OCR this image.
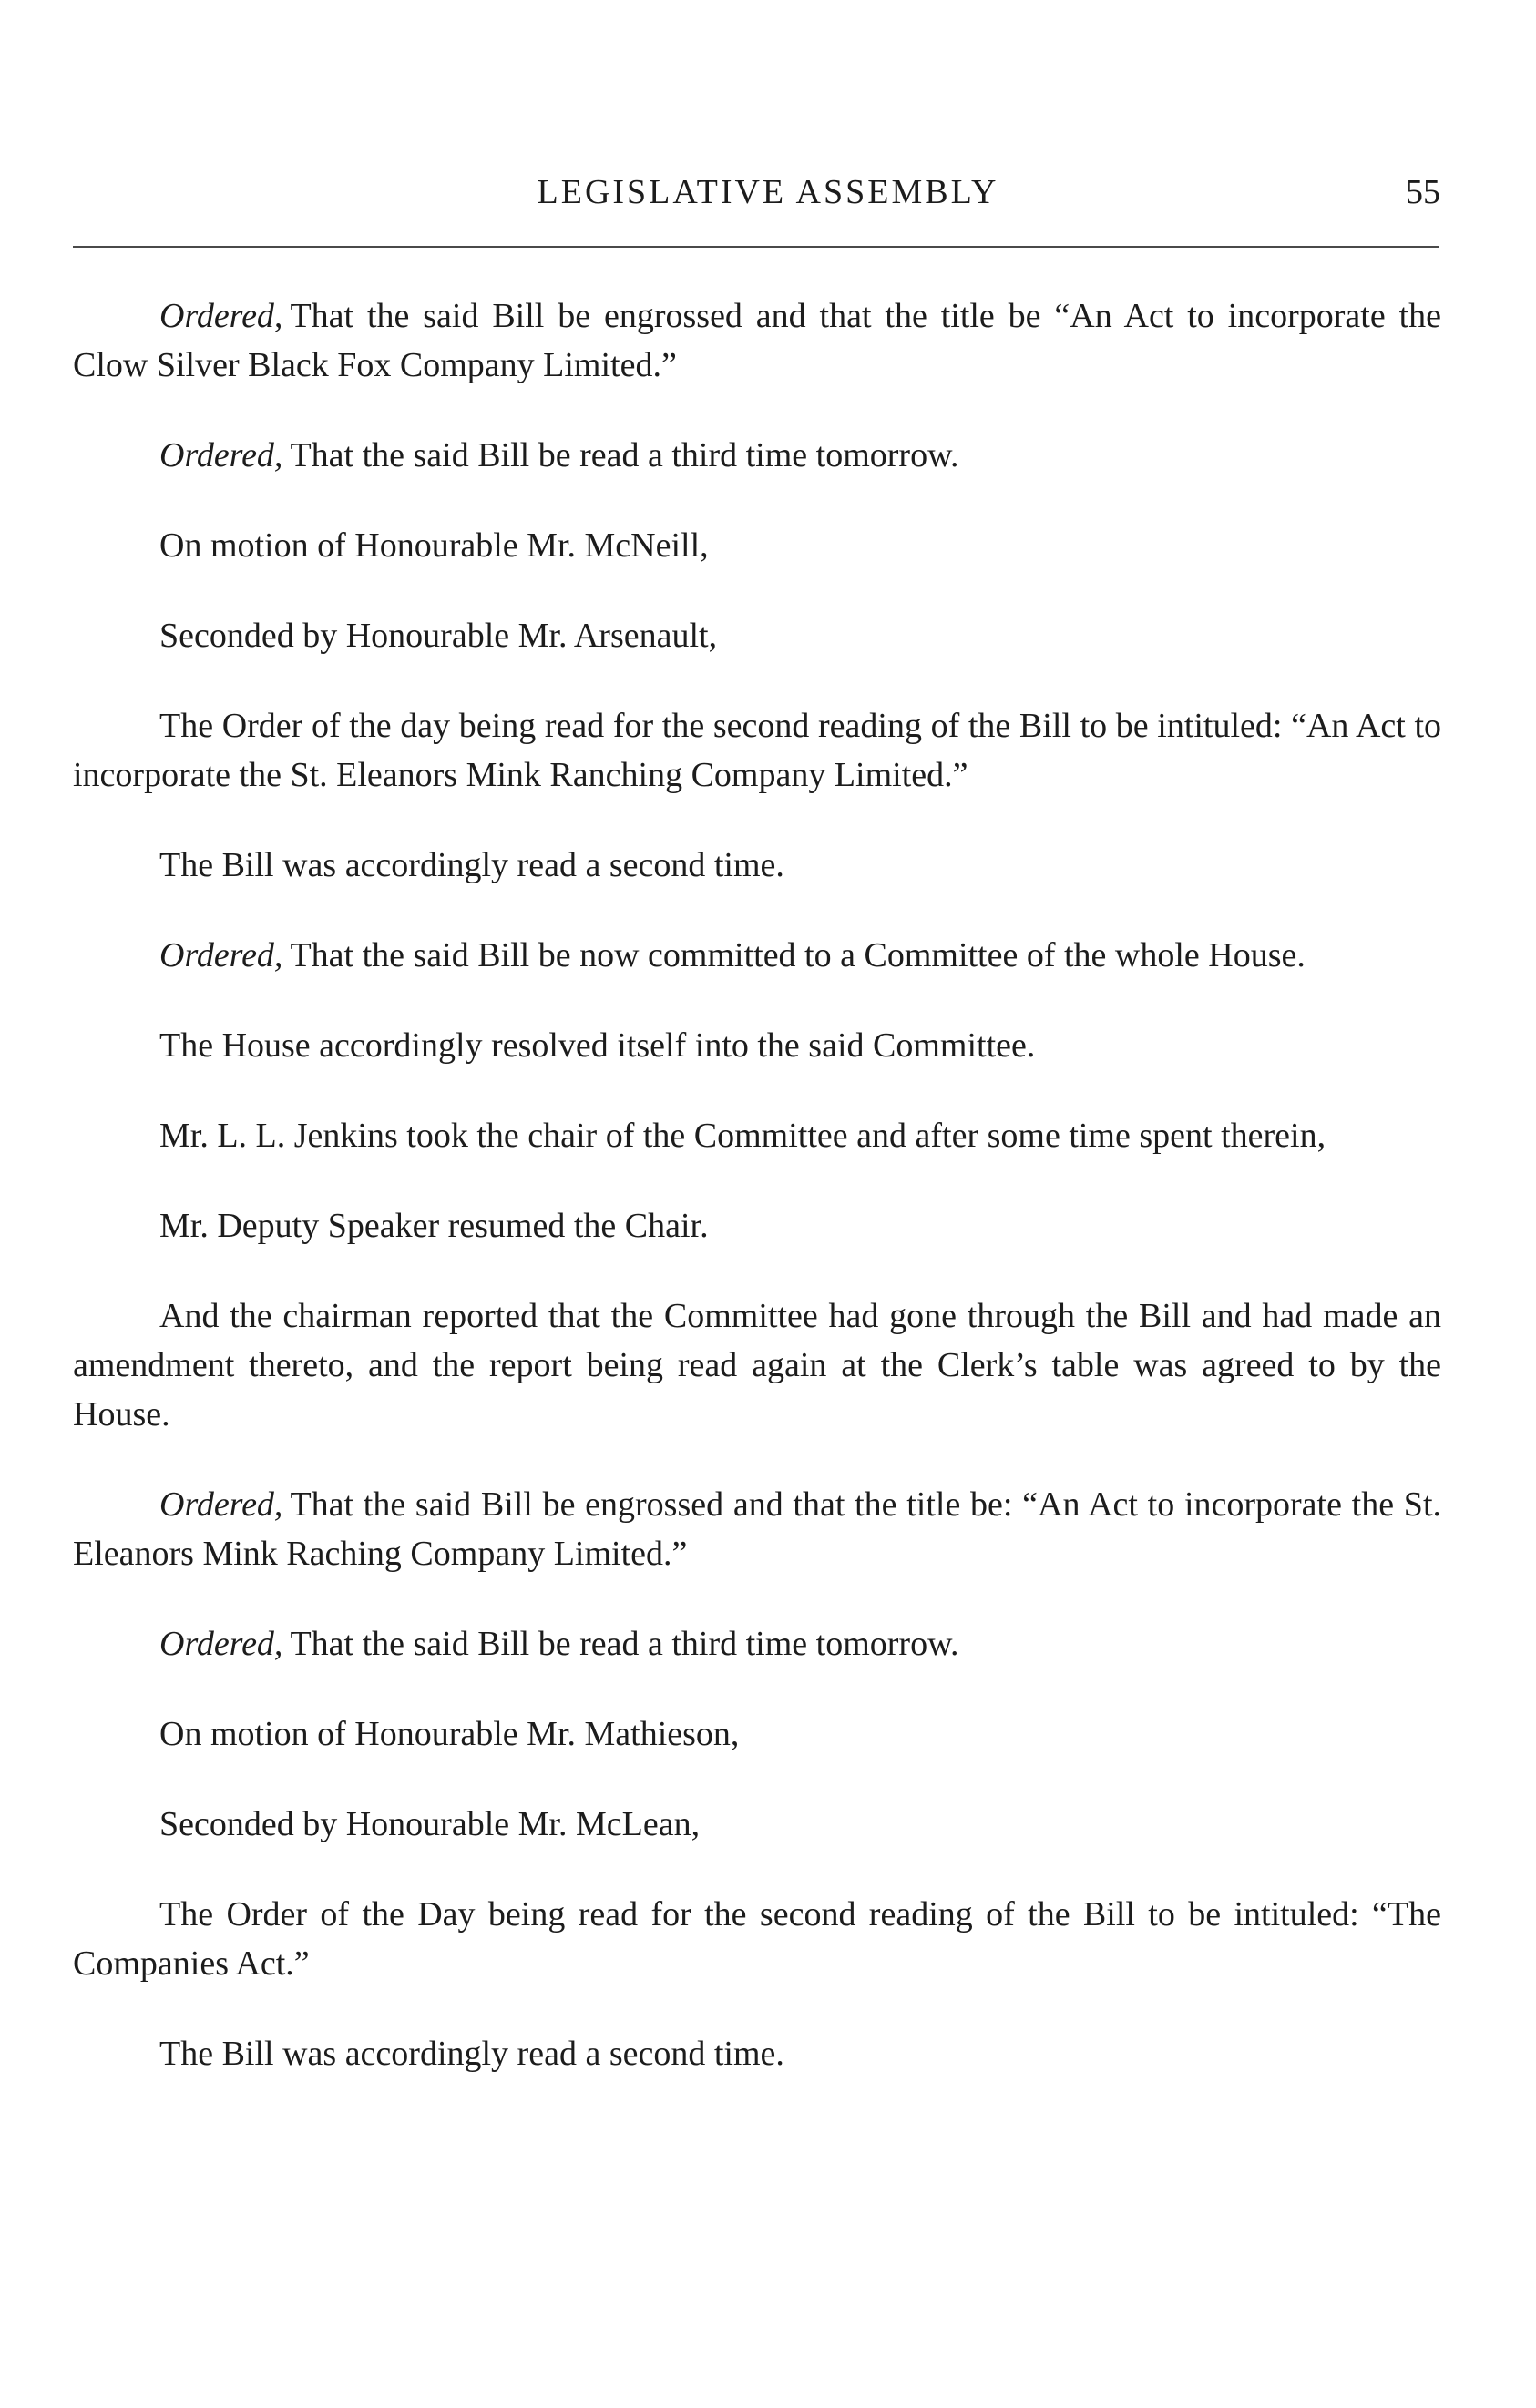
LEGISLATIVE ASSEMBLY	55

Ordered, That the said Bill be engrossed and that the title be “An Act to incorporate the Clow Silver Black Fox Company Limited.”

Ordered, That the said Bill be read a third time tomorrow.

On motion of Honourable Mr. McNeill,

Seconded by Honourable Mr. Arsenault,

The Order of the day being read for the second reading of the Bill to be intituled: “An Act to incorporate the St. Eleanors Mink Ranching Company Limited.”

The Bill was accordingly read a second time.

Ordered, That the said Bill be now committed to a Committee of the whole House.

The House accordingly resolved itself into the said Committee.

Mr. L. L. Jenkins took the chair of the Committee and after some time spent therein,

Mr. Deputy Speaker resumed the Chair.

And the chairman reported that the Committee had gone through the Bill and had made an amendment thereto, and the report being read again at the Clerk’s table was agreed to by the House.

Ordered, That the said Bill be engrossed and that the title be: “An Act to incorporate the St. Eleanors Mink Raching Company Limited.”

Ordered, That the said Bill be read a third time tomorrow.

On motion of Honourable Mr. Mathieson,

Seconded by Honourable Mr. McLean,

The Order of the Day being read for the second reading of the Bill to be intituled: “The Companies Act.”

The Bill was accordingly read a second time.
